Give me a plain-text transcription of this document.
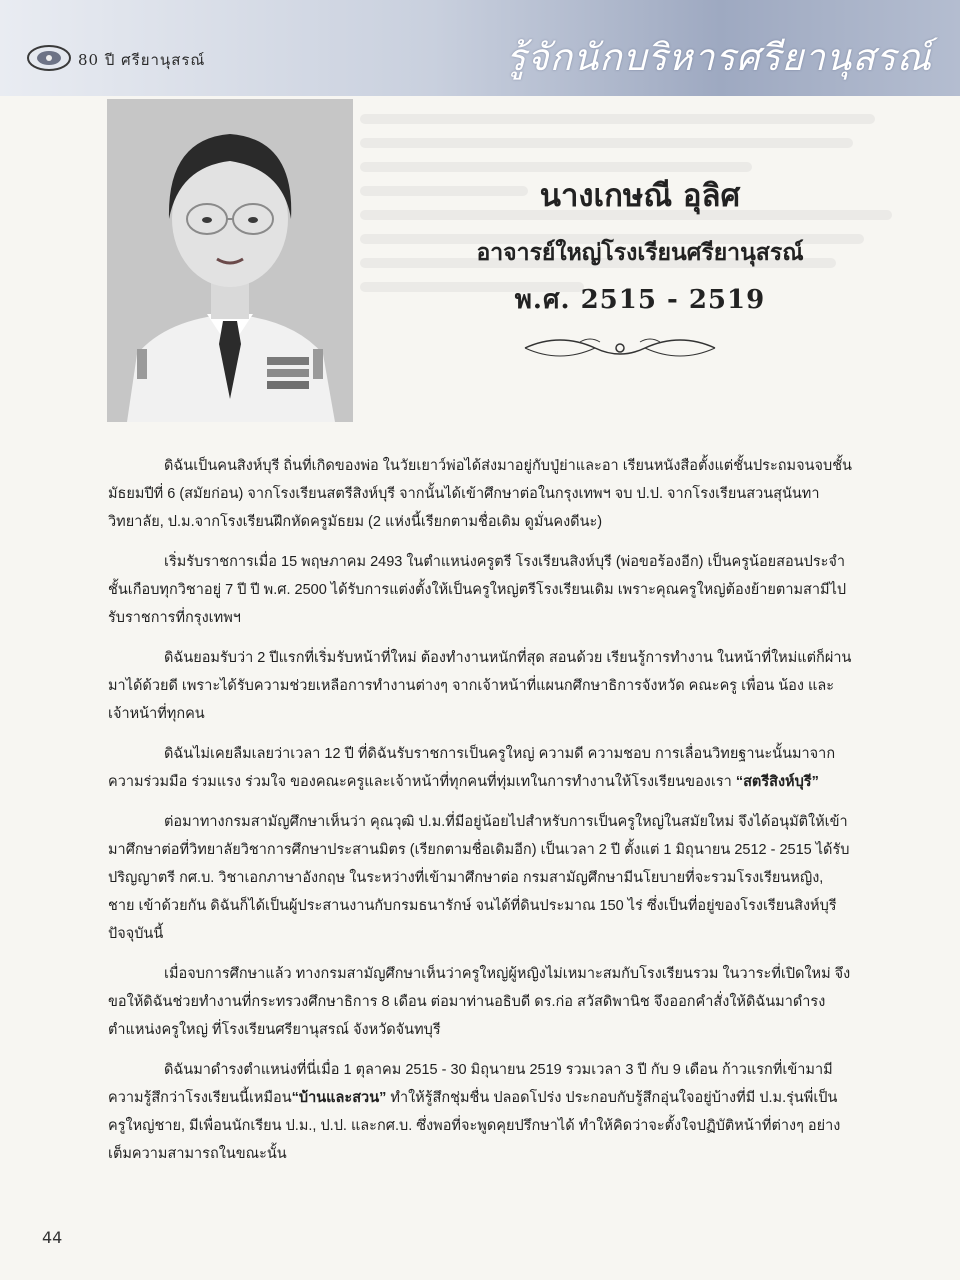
80 ปี ศรียานุสรณ์	รู้จักนักบริหารศรียานุสรณ์
นางเกษณี อุลิศ
อาจารย์ใหญ่โรงเรียนศรียานุสรณ์
พ.ศ. 2515 - 2519

ดิฉันเป็นคนสิงห์บุรี ถิ่นที่เกิดของพ่อ ในวัยเยาว์พ่อได้ส่งมาอยู่กับปู่ย่าและอา เรียนหนังสือตั้งแต่ชั้นประถมจนจบชั้นมัธยมปีที่ 6 (สมัยก่อน) จากโรงเรียนสตรีสิงห์บุรี จากนั้นได้เข้าศึกษาต่อในกรุงเทพฯ จบ ป.ป. จากโรงเรียนสวนสุนันทาวิทยาลัย, ป.ม.จากโรงเรียนฝึกหัดครูมัธยม (2 แห่งนี้เรียกตามชื่อเดิม ดูมั่นคงดีนะ)

เริ่มรับราชการเมื่อ 15 พฤษภาคม 2493 ในตำแหน่งครูตรี โรงเรียนสิงห์บุรี (พ่อขอร้องอีก) เป็นครูน้อยสอนประจำชั้นเกือบทุกวิชาอยู่ 7 ปี ปี พ.ศ. 2500 ได้รับการแต่งตั้งให้เป็นครูใหญ่ตรีโรงเรียนเดิม เพราะคุณครูใหญ่ต้องย้ายตามสามีไปรับราชการที่กรุงเทพฯ

ดิฉันยอมรับว่า 2 ปีแรกที่เริ่มรับหน้าที่ใหม่ ต้องทำงานหนักที่สุด สอนด้วย เรียนรู้การทำงาน ในหน้าที่ใหม่แต่ก็ผ่านมาได้ด้วยดี เพราะได้รับความช่วยเหลือการทำงานต่างๆ จากเจ้าหน้าที่แผนกศึกษาธิการจังหวัด คณะครู เพื่อน น้อง และเจ้าหน้าที่ทุกคน

ดิฉันไม่เคยลืมเลยว่าเวลา 12 ปี ที่ดิฉันรับราชการเป็นครูใหญ่ ความดี ความชอบ การเลื่อนวิทยฐานะนั้นมาจากความร่วมมือ ร่วมแรง ร่วมใจ ของคณะครูและเจ้าหน้าที่ทุกคนที่ทุ่มเทในการทำงานให้โรงเรียนของเรา “สตรีสิงห์บุรี”

ต่อมาทางกรมสามัญศึกษาเห็นว่า คุณวุฒิ ป.ม.ที่มีอยู่น้อยไปสำหรับการเป็นครูใหญ่ในสมัยใหม่ จึงได้อนุมัติให้เข้ามาศึกษาต่อที่วิทยาลัยวิชาการศึกษาประสานมิตร (เรียกตามชื่อเดิมอีก) เป็นเวลา 2 ปี ตั้งแต่ 1 มิถุนายน 2512 - 2515 ได้รับปริญญาตรี กศ.บ. วิชาเอกภาษาอังกฤษ ในระหว่างที่เข้ามาศึกษาต่อ กรมสามัญศึกษามีนโยบายที่จะรวมโรงเรียนหญิง, ชาย เข้าด้วยกัน ดิฉันก็ได้เป็นผู้ประสานงานกับกรมธนารักษ์ จนได้ที่ดินประมาณ 150 ไร่ ซึ่งเป็นที่อยู่ของโรงเรียนสิงห์บุรีปัจจุบันนี้

เมื่อจบการศึกษาแล้ว ทางกรมสามัญศึกษาเห็นว่าครูใหญ่ผู้หญิงไม่เหมาะสมกับโรงเรียนรวม ในวาระที่เปิดใหม่ จึงขอให้ดิฉันช่วยทำงานที่กระทรวงศึกษาธิการ 8 เดือน ต่อมาท่านอธิบดี ดร.ก่อ สวัสดิพานิช จึงออกคำสั่งให้ดิฉันมาดำรงตำแหน่งครูใหญ่ ที่โรงเรียนศรียานุสรณ์ จังหวัดจันทบุรี

ดิฉันมาดำรงตำแหน่งที่นี่เมื่อ 1 ตุลาคม 2515 - 30 มิถุนายน 2519 รวมเวลา 3 ปี กับ 9 เดือน ก้าวแรกที่เข้ามามีความรู้สึกว่าโรงเรียนนี้เหมือน“บ้านและสวน” ทำให้รู้สึกชุ่มชื่น ปลอดโปร่ง ประกอบกับรู้สึกอุ่นใจอยู่บ้างที่มี ป.ม.รุ่นพี่เป็นครูใหญ่ชาย, มีเพื่อนนักเรียน ป.ม., ป.ป. และกศ.บ. ซึ่งพอที่จะพูดคุยปรึกษาได้ ทำให้คิดว่าจะตั้งใจปฏิบัติหน้าที่ต่างๆ อย่างเต็มความสามารถในขณะนั้น

44
